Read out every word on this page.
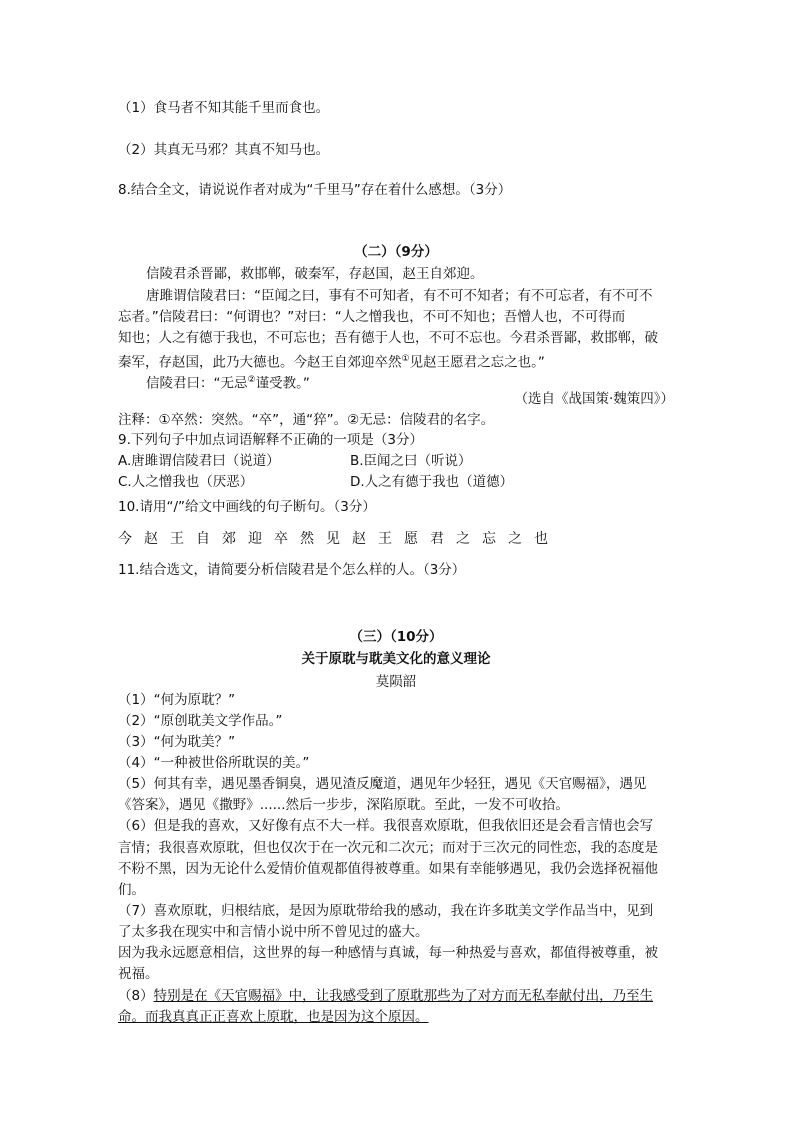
（1）食马者不知其能千里而食也。
（2）其真无马邪？其真不知马也。
8.结合全文，请说说作者对成为“千里马”存在着什么感想。（3分）
（二）（9分）
信陵君杀晋鄙，救邯郸，破秦军，存赵国，赵王自郊迎。
唐雎谓信陵君曰：“臣闻之曰，事有不可知者，有不可不知者；有不可忘者，有不可不
忘者。”信陵君曰：“何谓也？”对曰：“人之憎我也，不可不知也；吾憎人也，不可得而
知也；人之有德于我也，不可忘也；吾有德于人也，不可不忘也。今君杀晋鄙，救邯郸，破
秦军，存赵国，此乃大德也。今赵王自郊迎卒然①见赵王愿君之忘之也。”
信陵君曰：“无忌②谨受教。”
（选自《战国策·魏策四》）
注释：①卒然：突然。“卒”，通“猝”。②无忌：信陵君的名字。
9.下列句子中加点词语解释不正确的一项是（3分）
A.唐雎谓信陵君曰（说道）	B.臣闻之曰（听说）
C.人之憎我也（厌恶）	D.人之有德于我也（道德）
10.请用“/”给文中画线的句子断句。（3分）
今赵王自郊迎卒然见赵王愿君之忘之也
11.结合选文，请简要分析信陵君是个怎么样的人。（3分）
（三）（10分）
关于原耽与耽美文化的意义理论
莫陨韶
（1）“何为原耽？”
（2）“原创耽美文学作品。”
（3）“何为耽美？”
（4）“一种被世俗所耽误的美。”
（5）何其有幸，遇见墨香铜臭，遇见渣反魔道，遇见年少轻狂，遇见《天官赐福》，遇见
《答案》，遇见《撒野》......然后一步步，深陷原耽。至此，一发不可收拾。
（6）但是我的喜欢，又好像有点不大一样。我很喜欢原耽，但我依旧还是会看言情也会写
言情；我很喜欢原耽，但也仅次于在一次元和二次元；而对于三次元的同性恋，我的态度是
不粉不黑，因为无论什么爱情价值观都值得被尊重。如果有幸能够遇见，我仍会选择祝福他
们。
（7）喜欢原耽，归根结底，是因为原耽带给我的感动，我在许多耽美文学作品当中，见到
了太多我在现实中和言情小说中所不曾见过的盛大。
因为我永远愿意相信，这世界的每一种感情与真诚，每一种热爱与喜欢，都值得被尊重，被
祝福。
（8）特别是在《天官赐福》中，让我感受到了原耽那些为了对方而无私奉献付出，乃至生
命。而我真真正正喜欢上原耽，也是因为这个原因。
